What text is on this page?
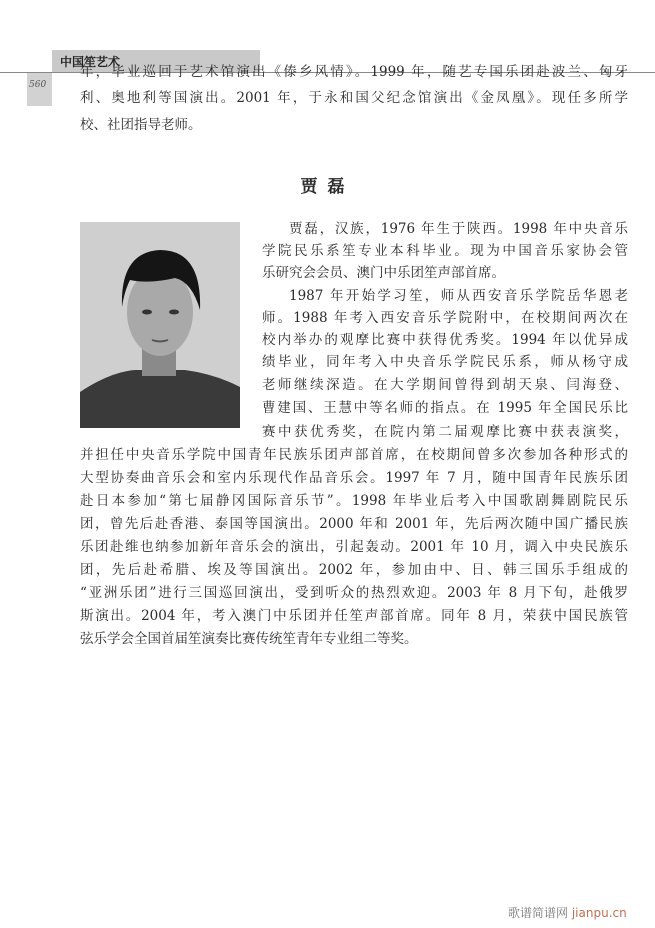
中国笙艺术
560
年，毕业巡回于艺术馆演出《傣乡风情》。1999 年，随艺专国乐团赴波兰、匈牙
利、奥地利等国演出。2001 年，于永和国父纪念馆演出《金凤凰》。现任多所学
校、社团指导老师。
贾磊
贾磊，汉族，1976 年生于陕西。1998 年中央音乐
学院民乐系笙专业本科毕业。现为中国音乐家协会管
乐研究会会员、澳门中乐团笙声部首席。
1987 年开始学习笙，师从西安音乐学院岳华恩老
师。1988 年考入西安音乐学院附中，在校期间两次在
校内举办的观摩比赛中获得优秀奖。1994 年以优异成
绩毕业，同年考入中央音乐学院民乐系，师从杨守成
老师继续深造。在大学期间曾得到胡天泉、闫海登、
曹建国、王慧中等名师的指点。在 1995 年全国民乐比
赛中获优秀奖，在院内第二届观摩比赛中获表演奖，
并担任中央音乐学院中国青年民族乐团声部首席，在校期间曾多次参加各种形式的
大型协奏曲音乐会和室内乐现代作品音乐会。1997 年 7 月，随中国青年民族乐团
赴日本参加“第七届静冈国际音乐节”。1998 年毕业后考入中国歌剧舞剧院民乐
团，曾先后赴香港、泰国等国演出。2000 年和 2001 年，先后两次随中国广播民族
乐团赴维也纳参加新年音乐会的演出，引起轰动。2001 年 10 月，调入中央民族乐
团，先后赴希腊、埃及等国演出。2002 年，参加由中、日、韩三国乐手组成的
“亚洲乐团”进行三国巡回演出，受到听众的热烈欢迎。2003 年 8 月下旬，赴俄罗
斯演出。2004 年，考入澳门中乐团并任笙声部首席。同年 8 月，荣获中国民族管
弦乐学会全国首届笙演奏比赛传统笙青年专业组二等奖。
歌谱简谱网 jianpu.cn
